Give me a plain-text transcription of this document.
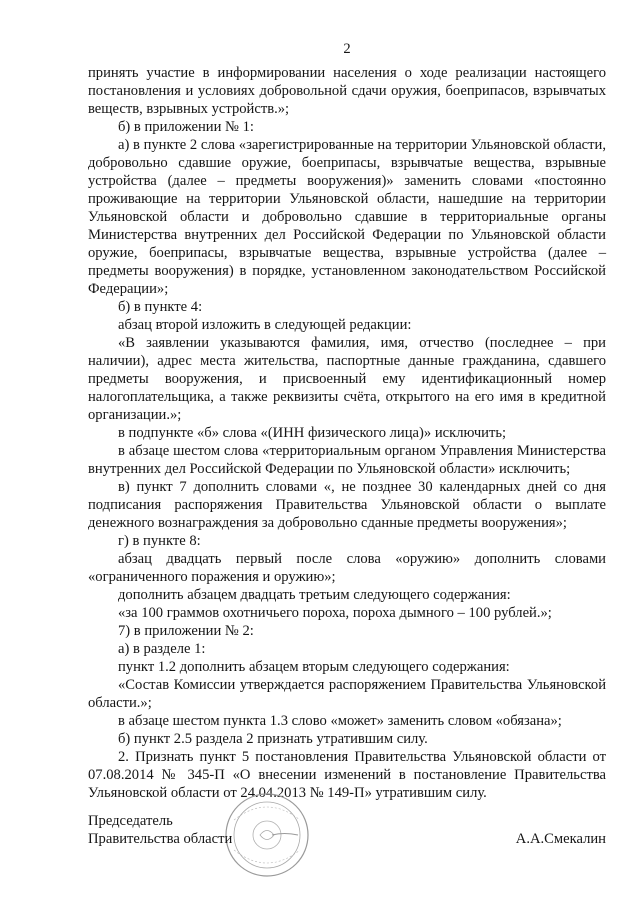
2

принять участие в информировании населения о ходе реализации настоящего постановления и условиях добровольной сдачи оружия, боеприпасов, взрывчатых веществ, взрывных устройств.»;

б) в приложении № 1:

а) в пункте 2 слова «зарегистрированные на территории Ульяновской области, добровольно сдавшие оружие, боеприпасы, взрывчатые вещества, взрывные устройства (далее – предметы вооружения)» заменить словами «постоянно проживающие на территории Ульяновской области, нашедшие на территории Ульяновской области и добровольно сдавшие в территориальные органы Министерства внутренних дел Российской Федерации по Ульяновской области оружие, боеприпасы, взрывчатые вещества, взрывные устройства (далее – предметы вооружения) в порядке, установленном законодательством Российской Федерации»;

б) в пункте 4:

абзац второй изложить в следующей редакции:

«В заявлении указываются фамилия, имя, отчество (последнее – при наличии), адрес места жительства, паспортные данные гражданина, сдавшего предметы вооружения, и присвоенный ему идентификационный номер налогоплательщика, а также реквизиты счёта, открытого на его имя в кредитной организации.»;

в подпункте «б» слова «(ИНН физического лица)» исключить;

в абзаце шестом слова «территориальным органом Управления Министерства внутренних дел Российской Федерации по Ульяновской области» исключить;

в) пункт 7 дополнить словами «, не позднее 30 календарных дней со дня подписания распоряжения Правительства Ульяновской области о выплате денежного вознаграждения за добровольно сданные предметы вооружения»;

г) в пункте 8:

абзац двадцать первый после слова «оружию» дополнить словами «ограниченного поражения и оружию»;

дополнить абзацем двадцать третьим следующего содержания:

«за 100 граммов охотничьего пороха, пороха дымного – 100 рублей.»;

7) в приложении № 2:

а) в разделе 1:

пункт 1.2 дополнить абзацем вторым следующего содержания:

«Состав Комиссии утверждается распоряжением Правительства Ульяновской области.»;

в абзаце шестом пункта 1.3 слово «может» заменить словом «обязана»;

б) пункт 2.5 раздела 2 признать утратившим силу.

2. Признать пункт 5 постановления Правительства Ульяновской области от 07.08.2014 № 345-П «О внесении изменений в постановление Правительства Ульяновской области от 24.04.2013 № 149-П» утратившим силу.

Председатель
Правительства области	А.А.Смекалин
